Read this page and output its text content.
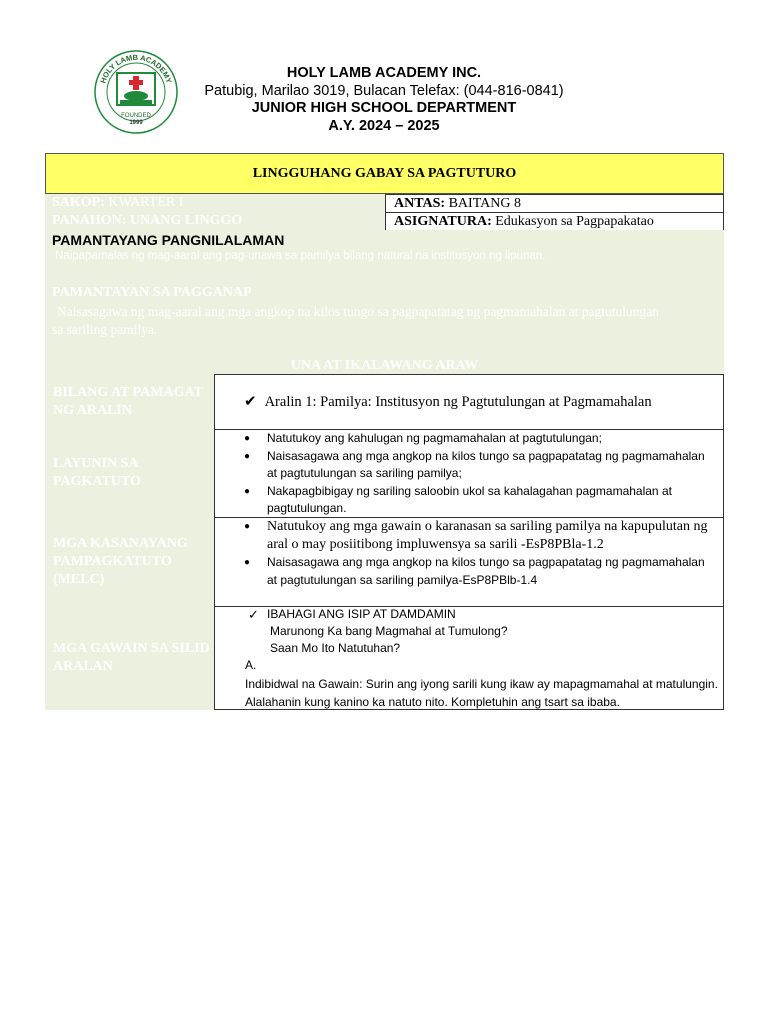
HOLY LAMB ACADEMY
FOUNDED
1999
HOLY LAMB ACADEMY INC.
Patubig, Marilao 3019, Bulacan Telefax: (044-816-0841)
JUNIOR HIGH SCHOOL DEPARTMENT
A.Y. 2024 – 2025
LINGGUHANG GABAY SA PAGTUTURO
SAKOP: KWARTER I
PANAHON: UNANG LINGGO
ANTAS: BAITANG 8
ASIGNATURA: Edukasyon sa Pagpapakatao
PAMANTAYANG PANGNILALAMAN
Naipapamalas ng mag-aaral ang pag-unawa sa pamilya bilang natural na institusyon ng lipunan.
PAMANTAYAN SA PAGGANAP
Naisasagawa ng mag-aaral ang mga angkop na kilos tungo sa pagpapatatag ng pagmamahalan at pagtutulungan sa sariling pamilya.
UNA AT IKALAWANG ARAW
BILANG AT PAMAGAT NG ARALIN	✔ Aralin 1: Pamilya: Institusyon ng Pagtutulungan at Pagmamahalan
LAYUNIN SA PAGKATUTO
● Natutukoy ang kahulugan ng pagmamahalan at pagtutulungan;
● Naisasagawa ang mga angkop na kilos tungo sa pagpapatatag ng pagmamahalan at pagtutulungan sa sariling pamilya;
● Nakapagbibigay ng sariling saloobin ukol sa kahalagahan pagmamahalan at pagtutulungan.
MGA KASANAYANG PAMPAGKATUTO (MELC)
● Natutukoy ang mga gawain o karanasan sa sariling pamilya na kapupulutan ng aral o may posiitibong impluwensya sa sarili -EsP8PBla-1.2
● Naisasagawa ang mga angkop na kilos tungo sa pagpapatatag ng pagmamahalan at pagtutulungan sa sariling pamilya-EsP8PBlb-1.4
MGA GAWAIN SA SILID ARALAN
✓ IBAHAGI ANG ISIP AT DAMDAMIN
Marunong Ka bang Magmahal at Tumulong?
Saan Mo Ito Natutuhan?
A.
Indibidwal na Gawain: Surin ang iyong sarili kung ikaw ay mapagmamahal at matulungin. Alalahanin kung kanino ka natuto nito. Kompletuhin ang tsart sa ibaba.
